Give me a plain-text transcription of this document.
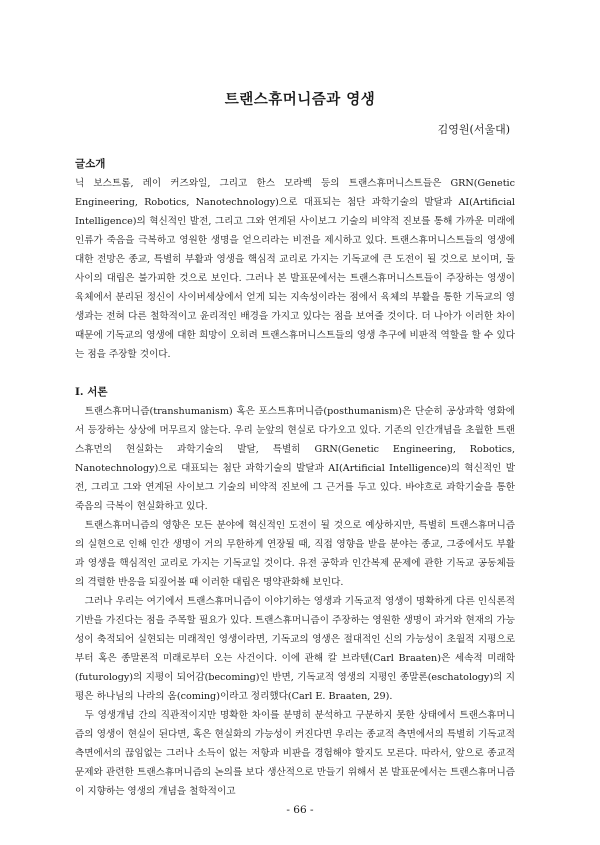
트랜스휴머니즘과 영생
김영원(서울대)

글소개

닉 보스트롬, 레이 커즈와일, 그리고 한스 모라벡 등의 트랜스휴머니스트들은 GRN(Genetic Engineering, Robotics, Nanotechnology)으로 대표되는 첨단 과학기술의 발달과 AI(Artificial Intelligence)의 혁신적인 발전, 그리고 그와 연계된 사이보그 기술의 비약적 진보를 통해 가까운 미래에 인류가 죽음을 극복하고 영원한 생명을 얻으리라는 비전을 제시하고 있다. 트랜스휴머니스트들의 영생에 대한 전망은 종교, 특별히 부활과 영생을 핵심적 교리로 가지는 기독교에 큰 도전이 될 것으로 보이며, 둘 사이의 대립은 불가피한 것으로 보인다. 그러나 본 발표문에서는 트랜스휴머니스트들이 주장하는 영생이 육체에서 분리된 정신이 사이버세상에서 얻게 되는 지속성이라는 점에서 육체의 부활을 통한 기독교의 영생과는 전혀 다른 철학적이고 윤리적인 배경을 가지고 있다는 점을 보여줄 것이다. 더 나아가 이러한 차이 때문에 기독교의 영생에 대한 희망이 오히려 트랜스휴머니스트들의 영생 추구에 비판적 역할을 할 수 있다는 점을 주장할 것이다.

I. 서론

트랜스휴머니즘(transhumanism) 혹은 포스트휴머니즘(posthumanism)은 단순히 공상과학 영화에서 등장하는 상상에 머무르지 않는다. 우리 눈앞의 현실로 다가오고 있다. 기존의 인간개념을 초월한 트랜스휴먼의 현실화는 과학기술의 발달, 특별히 GRN(Genetic Engineering, Robotics, Nanotechnology)으로 대표되는 첨단 과학기술의 발달과 AI(Artificial Intelligence)의 혁신적인 발전, 그리고 그와 연계된 사이보그 기술의 비약적 진보에 그 근거를 두고 있다. 바야흐로 과학기술을 통한 죽음의 극복이 현실화하고 있다.

트랜스휴머니즘의 영향은 모든 분야에 혁신적인 도전이 될 것으로 예상하지만, 특별히 트랜스휴머니즘의 실현으로 인해 인간 생명이 거의 무한하게 연장될 때, 직접 영향을 받을 분야는 종교, 그중에서도 부활과 영생을 핵심적인 교리로 가지는 기독교일 것이다. 유전 공학과 인간복제 문제에 관한 기독교 공동체들의 격렬한 반응을 되짚어볼 때 이러한 대립은 명약관화해 보인다.

그러나 우리는 여기에서 트랜스휴머니즘이 이야기하는 영생과 기독교적 영생이 명확하게 다른 인식론적 기반을 가진다는 점을 주목할 필요가 있다. 트랜스휴머니즘이 주장하는 영원한 생명이 과거와 현재의 가능성이 축적되어 실현되는 미래적인 영생이라면, 기독교의 영생은 절대적인 신의 가능성이 초월적 지평으로부터 혹은 종말론적 미래로부터 오는 사건이다. 이에 관해 칼 브라텐(Carl Braaten)은 세속적 미래학(futurology)의 지평이 되어감(becoming)인 반면, 기독교적 영생의 지평인 종말론(eschatology)의 지평은 하나님의 나라의 옴(coming)이라고 정리했다(Carl E. Braaten, 29).

두 영생개념 간의 직관적이지만 명확한 차이를 분명히 분석하고 구분하지 못한 상태에서 트랜스휴머니즘의 영생이 현실이 된다면, 혹은 현실화의 가능성이 커진다면 우리는 종교적 측면에서의 특별히 기독교적 측면에서의 끊임없는 그러나 소득이 없는 저항과 비판을 경험해야 할지도 모른다. 따라서, 앞으로 종교적 문제와 관련한 트랜스휴머니즘의 논의를 보다 생산적으로 만들기 위해서 본 발표문에서는 트랜스휴머니즘이 지향하는 영생의 개념을 철학적이고

- 66 -
